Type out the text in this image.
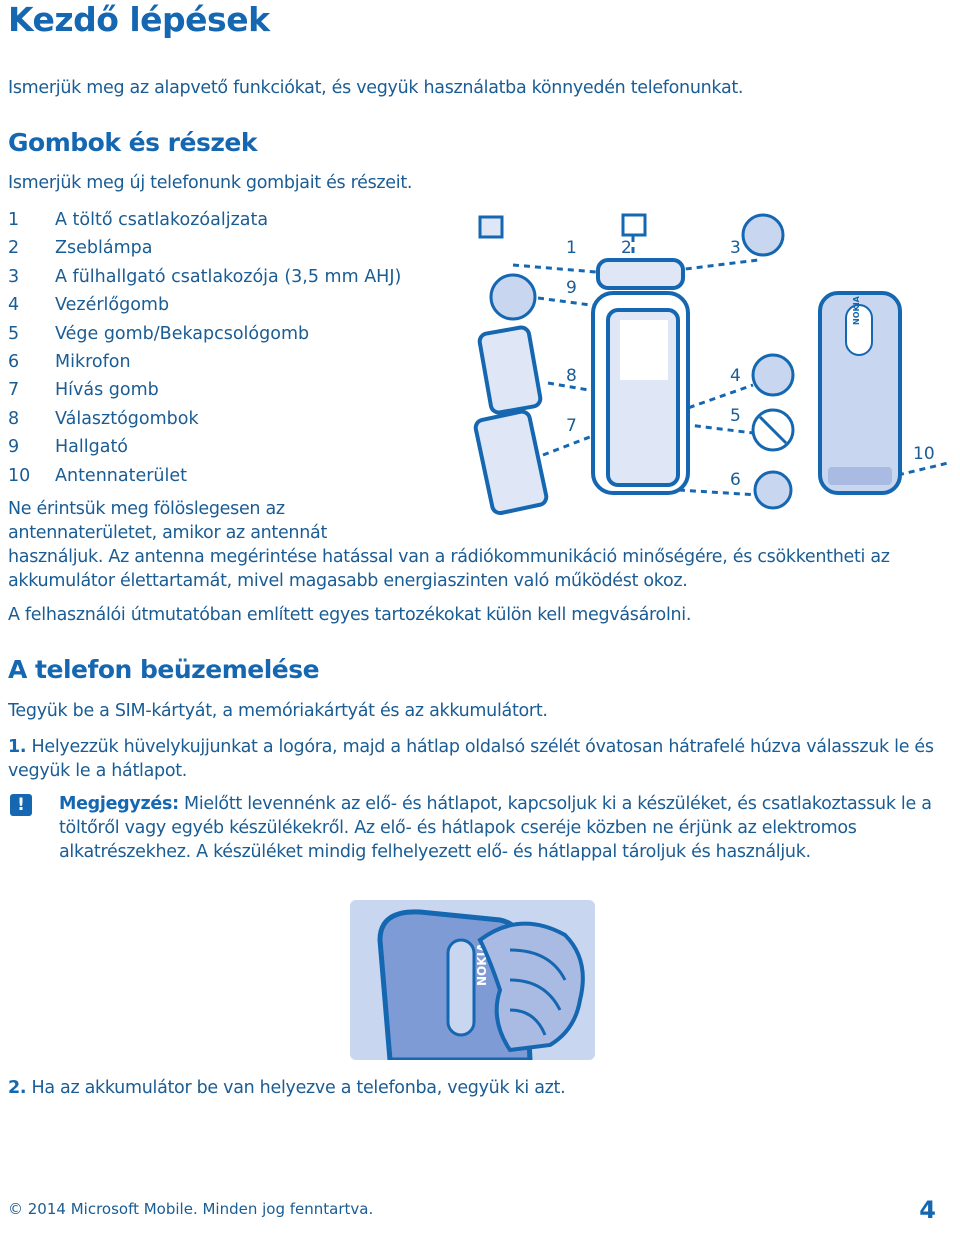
Kezdő lépések

Ismerjük meg az alapvető funkciókat, és vegyük használatba könnyedén telefonunkat.

Gombok és részek

Ismerjük meg új telefonunk gombjait és részeit.

1	A töltő csatlakozóaljzata
2	Zseblámpa
3	A fülhallgató csatlakozója (3,5 mm AHJ)
4	Vezérlőgomb
5	Vége gomb/Bekapcsológomb
6	Mikrofon
7	Hívás gomb
8	Választógombok
9	Hallgató
10	Antennaterület
NOKIA
1	2	3
4
5
6
7
8
9
10
Ne érintsük meg fölöslegesen az antennaterületet, amikor az antennát használjuk. Az antenna megérintése hatással van a rádiókommunikáció minőségére, és csökkentheti az akkumulátor élettartamát, mivel magasabb energiaszinten való működést okoz.

A felhasználói útmutatóban említett egyes tartozékokat külön kell megvásárolni.

A telefon beüzemelése

Tegyük be a SIM-kártyát, a memóriakártyát és az akkumulátort.

1. Helyezzük hüvelykujjunkat a logóra, majd a hátlap oldalsó szélét óvatosan hátrafelé húzva válasszuk le és vegyük le a hátlapot.

!	Megjegyzés: Mielőtt levennénk az elő- és hátlapot, kapcsoljuk ki a készüléket, és csatlakoztassuk le a töltőről vagy egyéb készülékekről. Az elő- és hátlapok cseréje közben ne érjünk az elektromos alkatrészekhez. A készüléket mindig felhelyezett elő- és hátlappal tároljuk és használjuk.
NOKIA

2. Ha az akkumulátor be van helyezve a telefonba, vegyük ki azt.

© 2014 Microsoft Mobile. Minden jog fenntartva.	4
